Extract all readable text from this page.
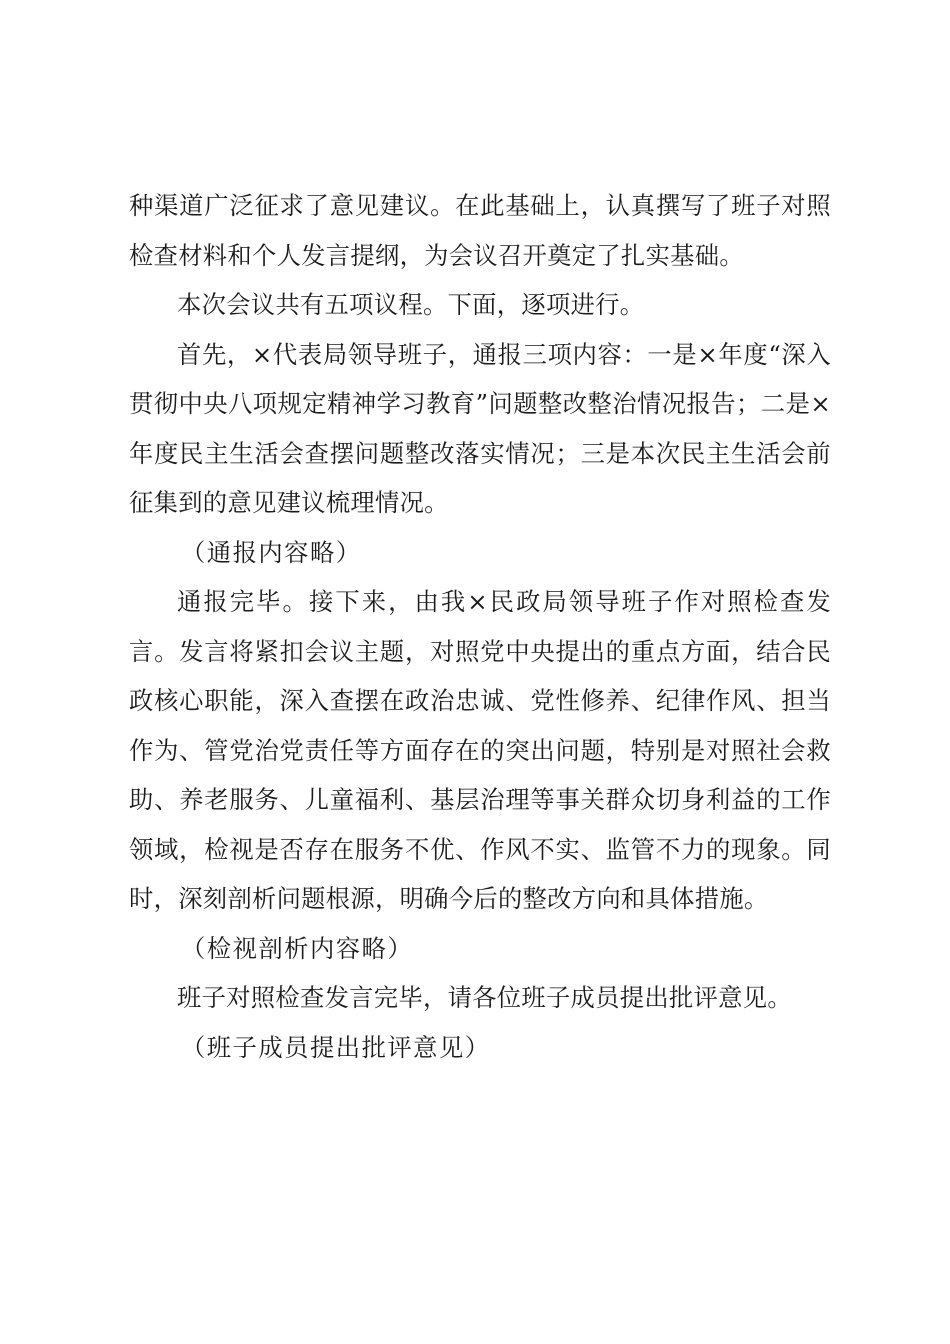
种渠道广泛征求了意见建议。在此基础上，认真撰写了班子对照检查材料和个人发言提纲，为会议召开奠定了扎实基础。

本次会议共有五项议程。下面，逐项进行。

首先，×代表局领导班子，通报三项内容：一是×年度“深入贯彻中央八项规定精神学习教育”问题整改整治情况报告；二是×年度民主生活会查摆问题整改落实情况；三是本次民主生活会前征集到的意见建议梳理情况。

（通报内容略）

通报完毕。接下来，由我×民政局领导班子作对照检查发言。发言将紧扣会议主题，对照党中央提出的重点方面，结合民政核心职能，深入查摆在政治忠诚、党性修养、纪律作风、担当作为、管党治党责任等方面存在的突出问题，特别是对照社会救助、养老服务、儿童福利、基层治理等事关群众切身利益的工作领域，检视是否存在服务不优、作风不实、监管不力的现象。同时，深刻剖析问题根源，明确今后的整改方向和具体措施。

（检视剖析内容略）

班子对照检查发言完毕，请各位班子成员提出批评意见。

（班子成员提出批评意见）
